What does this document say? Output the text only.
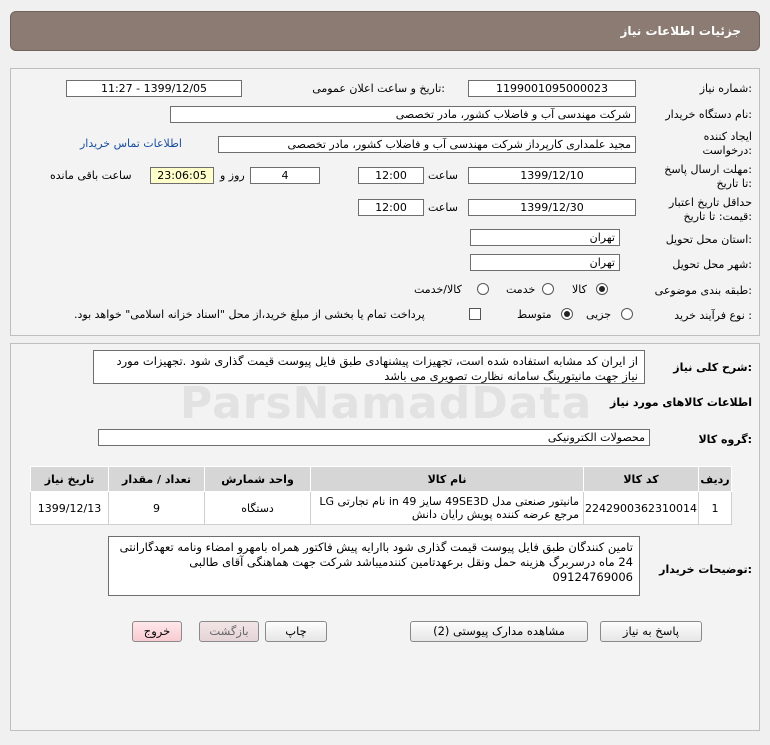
جزئیات اطلاعات نیاز
شماره نیاز:
1199001095000023
تاریخ و ساعت اعلان عمومی:
1399/12/05 - 11:27
نام دستگاه خریدار:
شرکت مهندسی آب و فاضلاب کشور، مادر تخصصی
ایجاد کننده
درخواست:
مجید علمداری کارپرداز شرکت مهندسی آب و فاضلاب کشور، مادر تخصصی
اطلاعات تماس خریدار
مهلت ارسال پاسخ:
تا تاریخ:
1399/12/10
ساعت
12:00
4
روز و
23:06:05
ساعت باقی مانده
حداقل تاریخ اعتبار
قیمت: تا تاریخ:
1399/12/30
ساعت
12:00
استان محل تحویل:
تهران
شهر محل تحویل:
تهران
طبقه بندی موضوعی:
کالا
خدمت
کالا/خدمت
نوع فرآیند خرید :
جزیی
متوسط
پرداخت تمام یا بخشی از مبلغ خرید،از محل "اسناد خزانه اسلامی" خواهد بود.
شرح کلی نیاز:
از ایران کد مشابه استفاده شده است، تجهیزات پیشنهادی طبق فایل پیوست قیمت گذاری شود .تجهیزات مورد نیاز جهت مانیتورینگ سامانه نظارت تصویری می باشد
اطلاعات کالاهای مورد نیاز
گروه کالا:
محصولات الکترونیکی
ردیف	کد کالا	نام کالا	واحد شمارش	تعداد / مقدار	تاریخ نیاز
1	2242900362310014	مانیتور صنعتی مدل 49SE3D سایز 49 in نام تجارتی LG مرجع عرضه کننده پویش رایان دانش	دستگاه	9	1399/12/13
توضیحات خریدار:
تامین کنندگان طبق فایل پیوست قیمت گذاری شود باارایه پیش فاکتور همراه بامهرو امضاء ونامه تعهدگارانتی 24 ماه درسربرگ هزینه حمل ونقل برعهدتامین کنندمیباشد شرکت جهت هماهنگی آقای طالبی 09124769006
پاسخ به نیاز
مشاهده مدارک پیوستی (2)
چاپ
بازگشت
خروج
